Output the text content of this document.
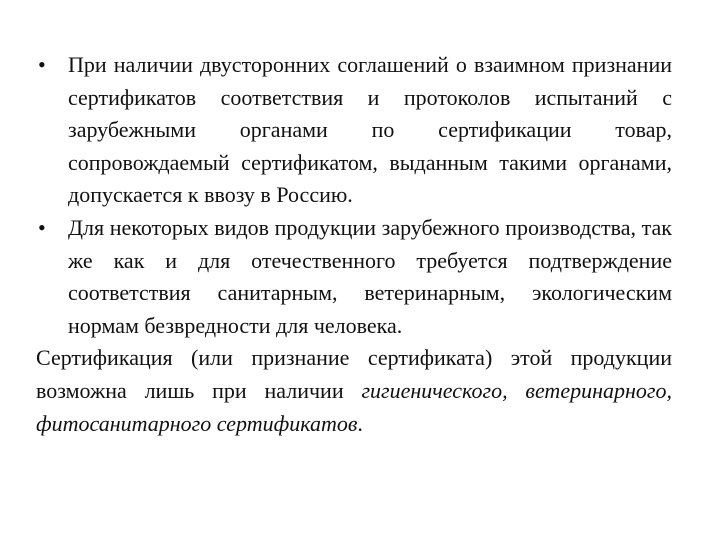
•	При наличии двусторонних соглашений о взаимном признании сертификатов соответствия и протоколов испытаний с зарубежными органами по сертификации товар, сопровождаемый сертификатом, выданным такими органами, допускается к ввозу в Россию.

•	Для некоторых видов продукции зарубежного производства, так же как и для отечественного требуется подтверждение соответствия санитарным, ветеринарным, экологическим нормам безвредности для человека.

Сертификация (или признание сертификата) этой продукции возможна лишь при наличии гигиенического, ветеринарного, фитосанитарного сертификатов.
